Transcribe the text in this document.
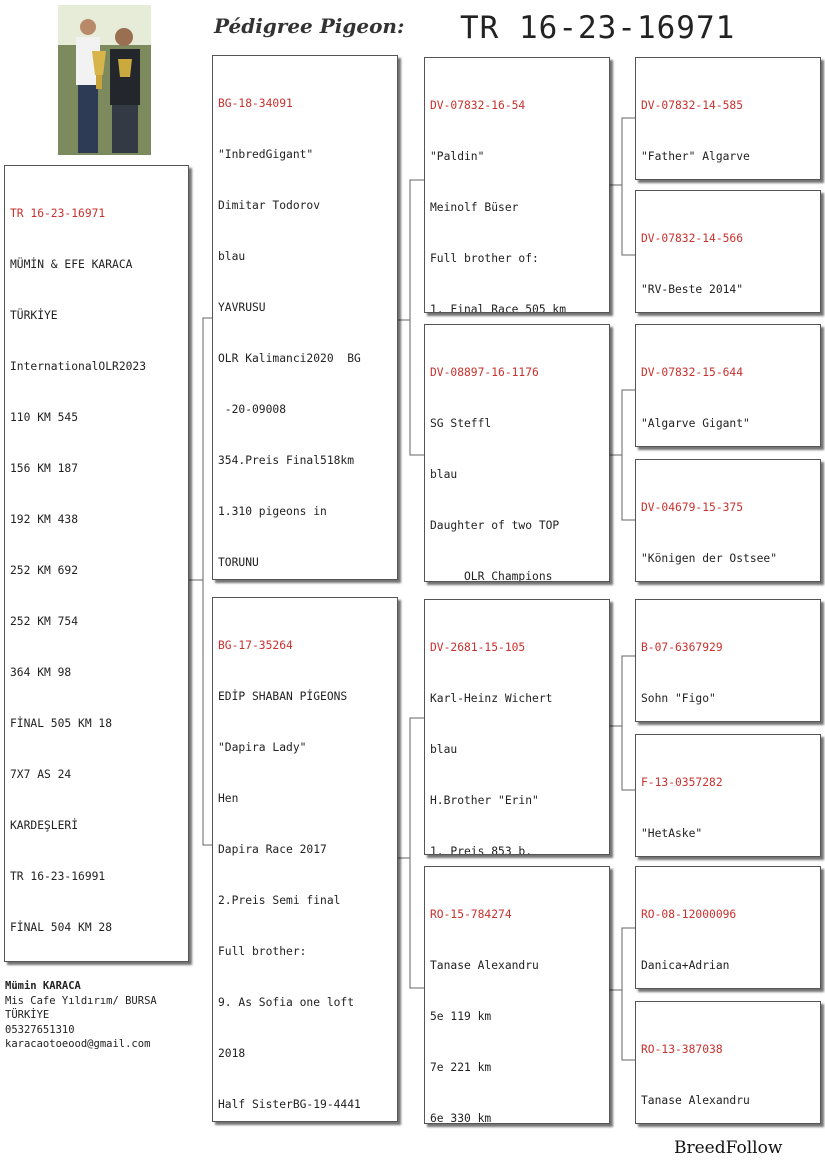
Pédigree Pigeon: TR 16-23-16971

TR 16-23-16971

MÜMİN & EFE KARACA

TÜRKİYE

InternationalOLR2023

110 KM 545

156 KM 187

192 KM 438

252 KM 692

252 KM 754

364 KM 98

FİNAL 505 KM 18

7X7 AS 24

KARDEŞLERİ

TR 16-23-16991

FİNAL 504 KM 28

BG-18-34091

"InbredGigant"

Dimitar Todorov

blau

YAVRUSU

OLR Kalimanci2020  BG

-20-09008

354.Preis Final518km

1.310 pigeons in

TORUNU

BG-17-35264

EDİP SHABAN PİGEONS

"Dapira Lady"

Hen

Dapira Race 2017

2.Preis Semi final

Full brother:

9. As Sofia one loft

2018

Half SisterBG-19-4441

DV-07832-16-54

"Paldin"

Meinolf Büser

Full brother of:

1. Final Race 505 km

DV-08897-16-1176

SG Steffl

blau

Daughter of two TOP

OLR Champions

DV-2681-15-105

Karl-Heinz Wichert

blau

H.Brother "Erin"

1. Preis 853 b.

RO-15-784274

Tanase Alexandru

5e 119 km

7e 221 km

6e 330 km

DV-07832-14-585

"Father" Algarve

DV-07832-14-566

"RV-Beste 2014"

DV-07832-15-644

"Algarve Gigant"

DV-04679-15-375

"Königen der Ostsee"

B-07-6367929

Sohn "Figo"

F-13-0357282

"HetAske"

RO-08-12000096

Danica+Adrian

RO-13-387038

Tanase Alexandru

Mümin KARACA
Mis Cafe Yıldırım/ BURSA
TÜRKİYE
05327651310
karacaotoeood@gmail.com
BreedFollow
